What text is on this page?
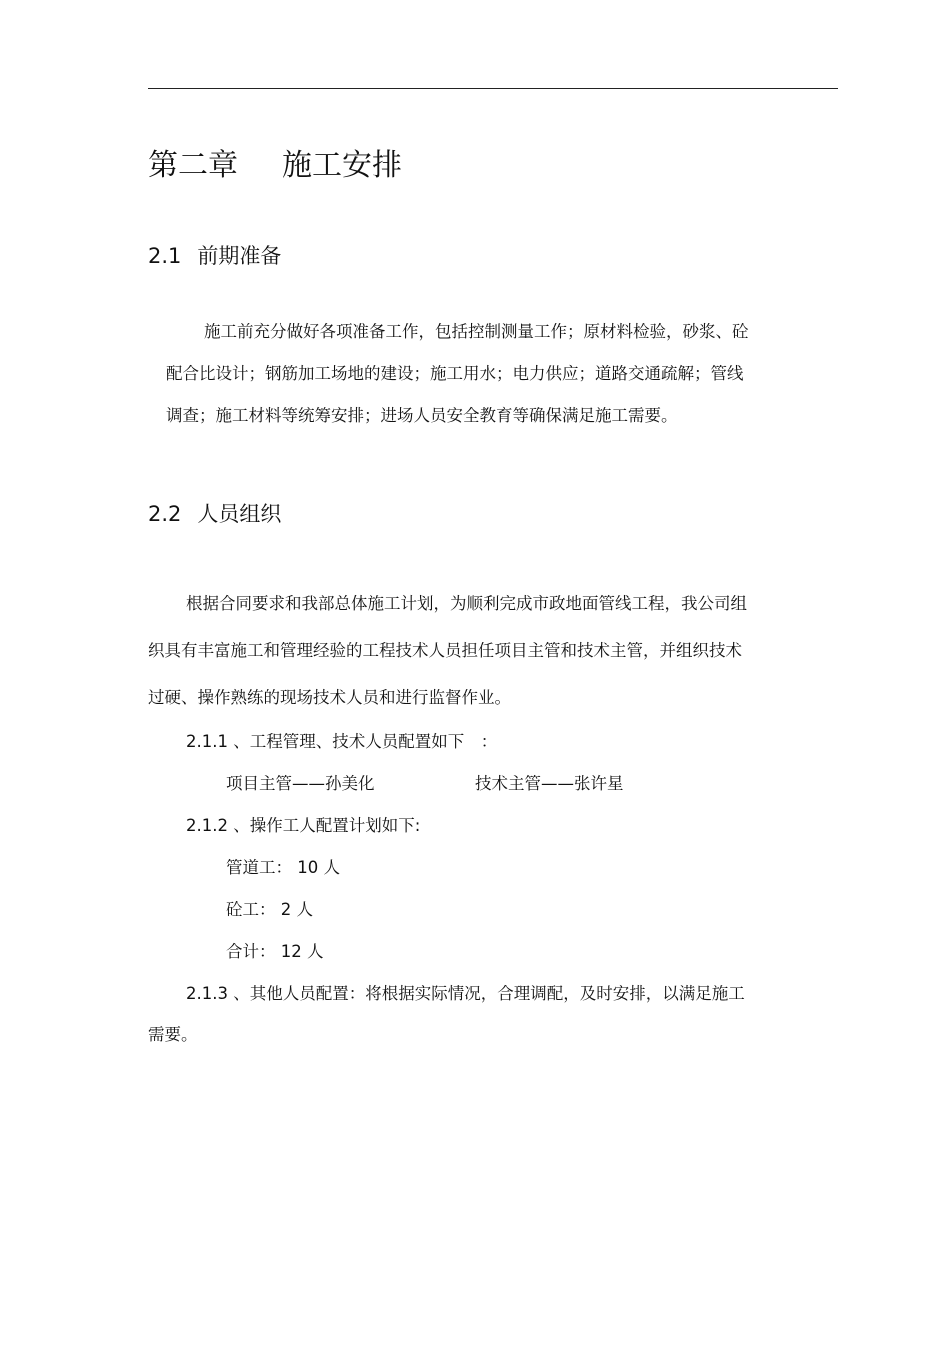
第二章 施工安排
2.1 前期准备

施工前充分做好各项准备工作，包括控制测量工作；原材料检验，砂浆、砼

配合比设计；钢筋加工场地的建设；施工用水；电力供应；道路交通疏解；管线

调查；施工材料等统筹安排；进场人员安全教育等确保满足施工需要。

2.2 人员组织

根据合同要求和我部总体施工计划，为顺利完成市政地面管线工程，我公司组

织具有丰富施工和管理经验的工程技术人员担任项目主管和技术主管，并组织技术

过硬、操作熟练的现场技术人员和进行监督作业。

2.1.1 、工程管理、技术人员配置如下　：

项目主管——孙美化	技术主管——张许星

2.1.2 、操作工人配置计划如下:

管道工： 10 人

砼工： 2 人

合计： 12 人

2.1.3 、其他人员配置：将根据实际情况，合理调配，及时安排，以满足施工

需要。
